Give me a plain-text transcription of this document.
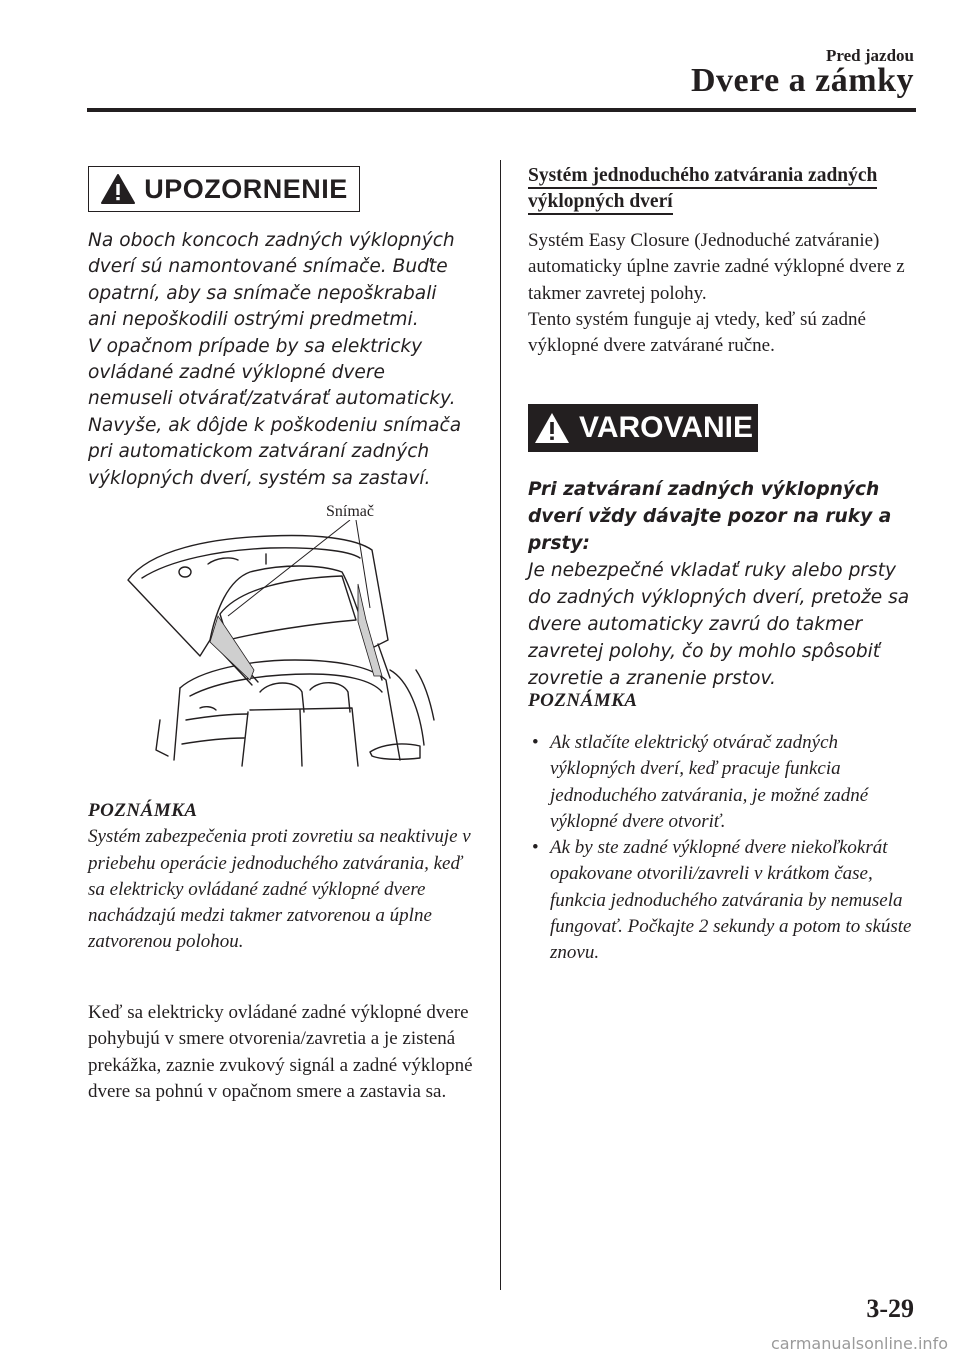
Pred jazdou
Dvere a zámky
UPOZORNENIE

Na oboch koncoch zadných výklopných dverí sú namontované snímače. Buďte opatrní, aby sa snímače nepoškrabali ani nepoškodili ostrými predmetmi.

V opačnom prípade by sa elektricky ovládané zadné výklopné dvere nemuseli otvárať/zatvárať automaticky. Navyše, ak dôjde k poškodeniu snímača pri automatickom zatváraní zadných výklopných dverí, systém sa zastaví.

Snímač
POZNÁMKA
Systém zabezpečenia proti zovretiu sa neaktivuje v priebehu operácie jednoduchého zatvárania, keď sa elektricky ovládané zadné výklopné dvere nachádzajú medzi takmer zatvorenou a úplne zatvorenou polohou.
Keď sa elektricky ovládané zadné výklopné dvere pohybujú v smere otvorenia/zavretia a je zistená prekážka, zaznie zvukový signál a zadné výklopné dvere sa pohnú v opačnom smere a zastavia sa.
Systém jednoduchého zatvárania zadných výklopných dverí
Systém Easy Closure (Jednoduché zatváranie) automaticky úplne zavrie zadné výklopné dvere z takmer zavretej polohy.
Tento systém funguje aj vtedy, keď sú zadné výklopné dvere zatvárané ručne.
VAROVANIE
Pri zatváraní zadných výklopných dverí vždy dávajte pozor na ruky a prsty:
Je nebezpečné vkladať ruky alebo prsty do zadných výklopných dverí, pretože sa dvere automaticky zavrú do takmer zavretej polohy, čo by mohlo spôsobiť zovretie a zranenie prstov.
POZNÁMKA
• Ak stlačíte elektrický otvárač zadných výklopných dverí, keď pracuje funkcia jednoduchého zatvárania, je možné zadné výklopné dvere otvoriť.
• Ak by ste zadné výklopné dvere niekoľkokrát opakovane otvorili/zavreli v krátkom čase, funkcia jednoduchého zatvárania by nemusela fungovať. Počkajte 2 sekundy a potom to skúste znovu.
3-29
carmanualsonline.info
